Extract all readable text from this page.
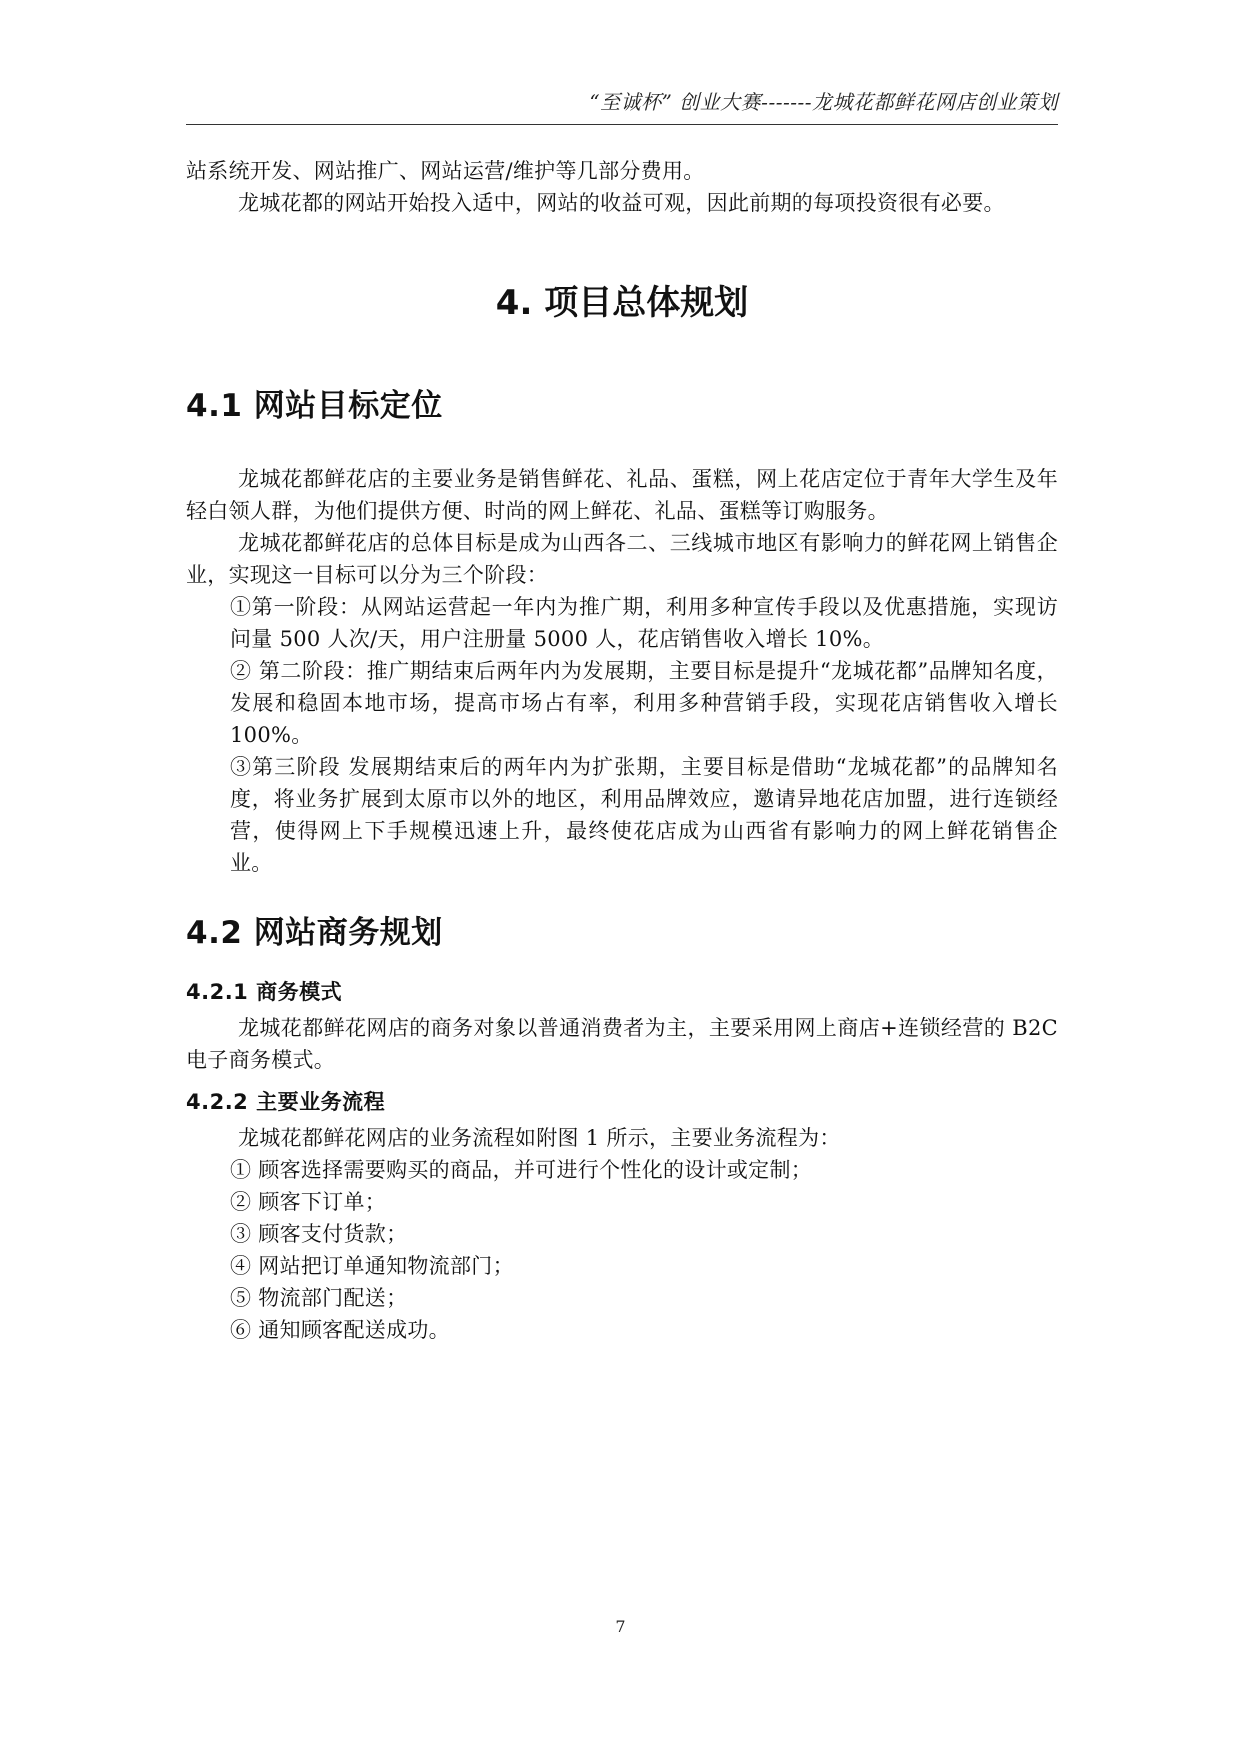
“至诚杯” 创业大赛-------龙城花都鲜花网店创业策划

站系统开发、网站推广、网站运营/维护等几部分费用。

龙城花都的网站开始投入适中，网站的收益可观，因此前期的每项投资很有必要。

4. 项目总体规划
4.1 网站目标定位

龙城花都鲜花店的主要业务是销售鲜花、礼品、蛋糕，网上花店定位于青年大学生及年轻白领人群，为他们提供方便、时尚的网上鲜花、礼品、蛋糕等订购服务。

龙城花都鲜花店的总体目标是成为山西各二、三线城市地区有影响力的鲜花网上销售企业，实现这一目标可以分为三个阶段：

①第一阶段：从网站运营起一年内为推广期，利用多种宣传手段以及优惠措施，实现访问量 500 人次/天，用户注册量 5000 人，花店销售收入增长 10%。

② 第二阶段：推广期结束后两年内为发展期，主要目标是提升“龙城花都”品牌知名度，发展和稳固本地市场，提高市场占有率，利用多种营销手段，实现花店销售收入增长 100%。

③第三阶段 发展期结束后的两年内为扩张期，主要目标是借助“龙城花都”的品牌知名度，将业务扩展到太原市以外的地区，利用品牌效应，邀请异地花店加盟，进行连锁经营，使得网上下手规模迅速上升，最终使花店成为山西省有影响力的网上鲜花销售企业。

4.2 网站商务规划
4.2.1 商务模式

龙城花都鲜花网店的商务对象以普通消费者为主，主要采用网上商店+连锁经营的 B2C 电子商务模式。

4.2.2 主要业务流程

龙城花都鲜花网店的业务流程如附图 1 所示，主要业务流程为：

① 顾客选择需要购买的商品，并可进行个性化的设计或定制；

② 顾客下订单；

③ 顾客支付货款；

④ 网站把订单通知物流部门；

⑤ 物流部门配送；

⑥ 通知顾客配送成功。

7
